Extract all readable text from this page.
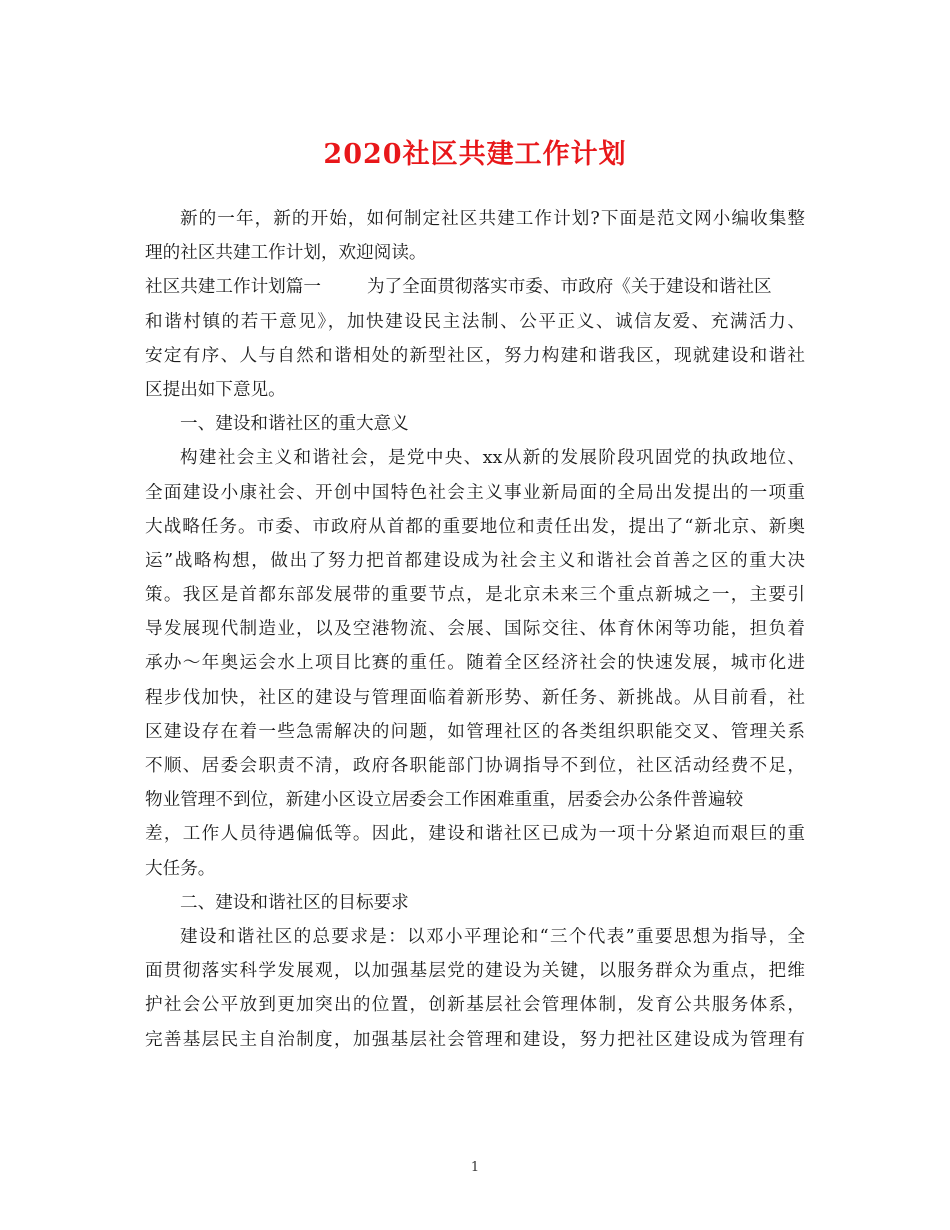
2020社区共建工作计划
新的一年，新的开始，如何制定社区共建工作计划?下面是范文网小编收集整
理的社区共建工作计划，欢迎阅读。
社区共建工作计划篇一	为了全面贯彻落实市委、市政府《关于建设和谐社区
和谐村镇的若干意见》，加快建设民主法制、公平正义、诚信友爱、充满活力、
安定有序、人与自然和谐相处的新型社区，努力构建和谐我区，现就建设和谐社
区提出如下意见。
一、建设和谐社区的重大意义
构建社会主义和谐社会，是党中央、xx从新的发展阶段巩固党的执政地位、
全面建设小康社会、开创中国特色社会主义事业新局面的全局出发提出的一项重
大战略任务。市委、市政府从首都的重要地位和责任出发，提出了“新北京、新奥
运”战略构想，做出了努力把首都建设成为社会主义和谐社会首善之区的重大决
策。我区是首都东部发展带的重要节点，是北京未来三个重点新城之一，主要引
导发展现代制造业，以及空港物流、会展、国际交往、体育休闲等功能，担负着
承办～年奥运会水上项目比赛的重任。随着全区经济社会的快速发展，城市化进
程步伐加快，社区的建设与管理面临着新形势、新任务、新挑战。从目前看，社
区建设存在着一些急需解决的问题，如管理社区的各类组织职能交叉、管理关系
不顺、居委会职责不清，政府各职能部门协调指导不到位，社区活动经费不足，
物业管理不到位，新建小区设立居委会工作困难重重，居委会办公条件普遍较
差，工作人员待遇偏低等。因此，建设和谐社区已成为一项十分紧迫而艰巨的重
大任务。
二、建设和谐社区的目标要求
建设和谐社区的总要求是：以邓小平理论和“三个代表”重要思想为指导，全
面贯彻落实科学发展观，以加强基层党的建设为关键，以服务群众为重点，把维
护社会公平放到更加突出的位置，创新基层社会管理体制，发育公共服务体系，
完善基层民主自治制度，加强基层社会管理和建设，努力把社区建设成为管理有
1
